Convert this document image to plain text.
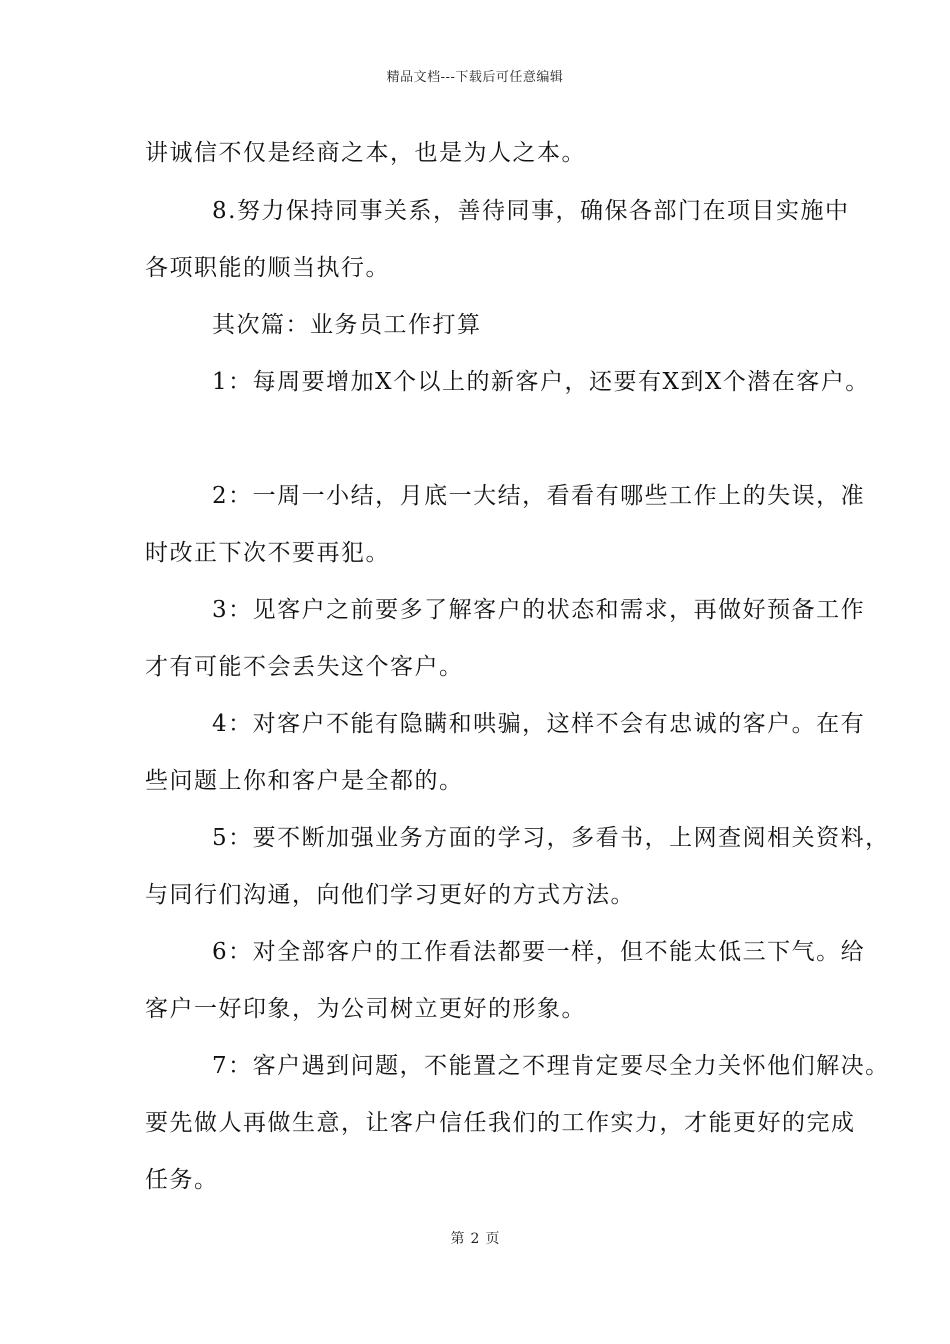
精品文档---下载后可任意编辑
讲诚信不仅是经商之本，也是为人之本。
8.努力保持同事关系，善待同事，确保各部门在项目实施中
各项职能的顺当执行。
其次篇：业务员工作打算
1：每周要增加X个以上的新客户，还要有X到X个潜在客户。
2：一周一小结，月底一大结，看看有哪些工作上的失误，准
时改正下次不要再犯。
3：见客户之前要多了解客户的状态和需求，再做好预备工作
才有可能不会丢失这个客户。
4：对客户不能有隐瞒和哄骗，这样不会有忠诚的客户。在有
些问题上你和客户是全都的。
5：要不断加强业务方面的学习，多看书，上网查阅相关资料，
与同行们沟通，向他们学习更好的方式方法。
6：对全部客户的工作看法都要一样，但不能太低三下气。给
客户一好印象，为公司树立更好的形象。
7：客户遇到问题，不能置之不理肯定要尽全力关怀他们解决。
要先做人再做生意，让客户信任我们的工作实力，才能更好的完成
任务。
第 2 页
